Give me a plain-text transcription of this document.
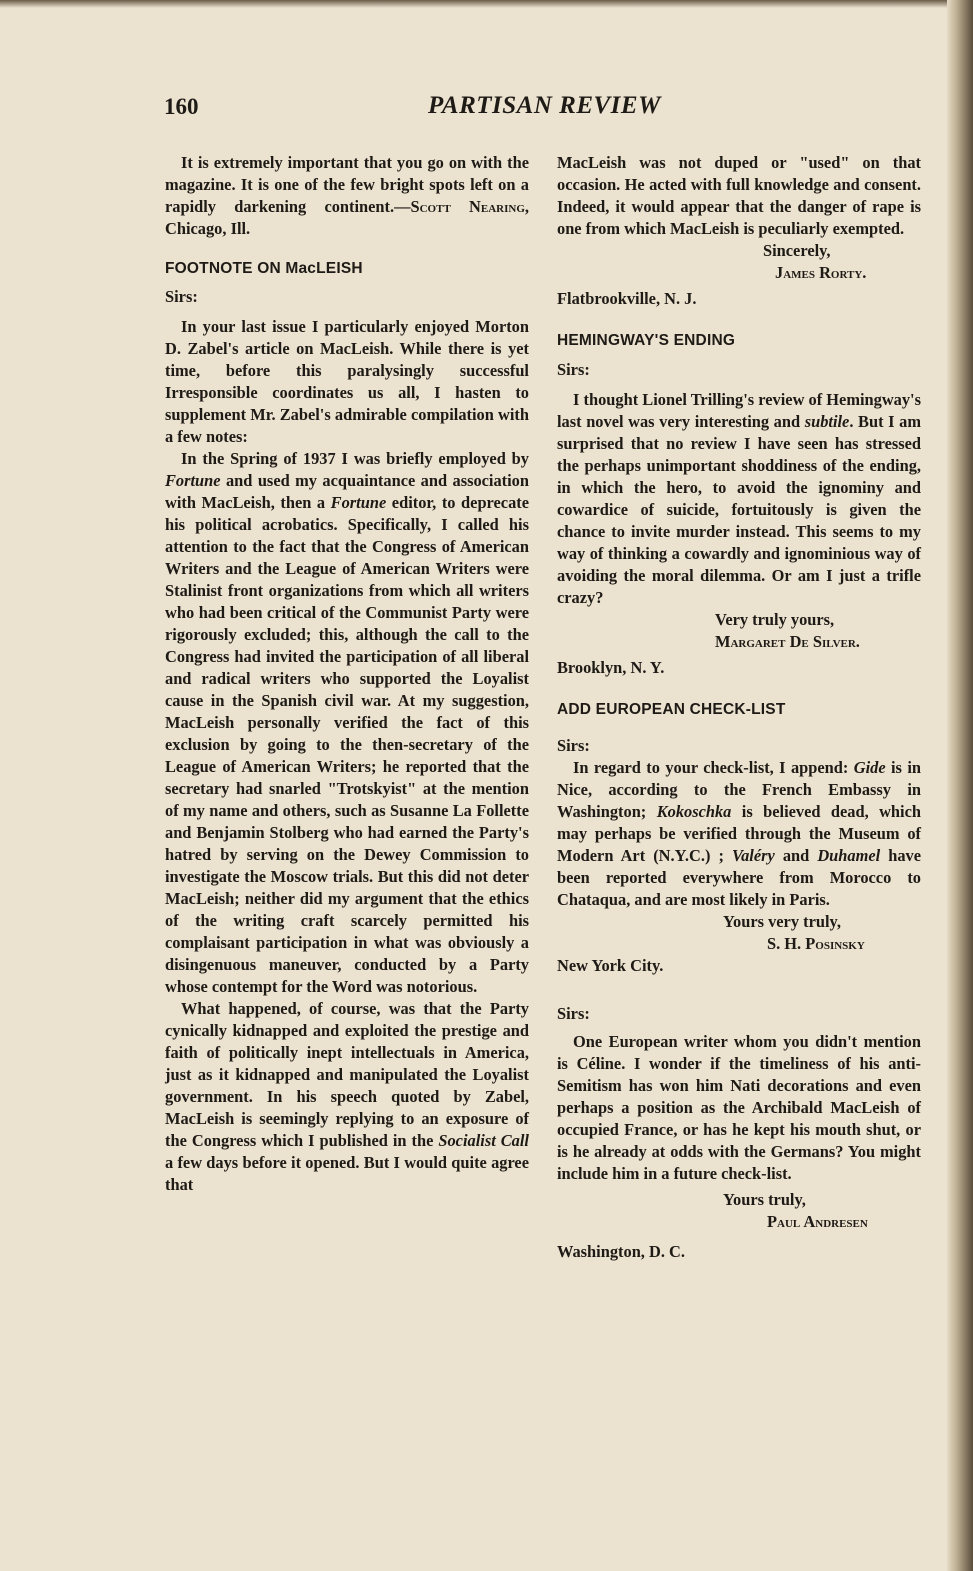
160	PARTISAN REVIEW

It is extremely important that you go on with the magazine. It is one of the few bright spots left on a rapidly darkening continent.—Scott Nearing, Chicago, Ill.

FOOTNOTE ON MacLEISH
Sirs:

In your last issue I particularly enjoyed Morton D. Zabel's article on MacLeish. While there is yet time, before this paralysingly successful Irresponsible coordinates us all, I hasten to supplement Mr. Zabel's admirable compilation with a few notes:

In the Spring of 1937 I was briefly employed by Fortune and used my acquaintance and association with MacLeish, then a Fortune editor, to deprecate his political acrobatics. Specifically, I called his attention to the fact that the Congress of American Writers and the League of American Writers were Stalinist front organizations from which all writers who had been critical of the Communist Party were rigorously excluded; this, although the call to the Congress had invited the participation of all liberal and radical writers who supported the Loyalist cause in the Spanish civil war. At my suggestion, MacLeish personally verified the fact of this exclusion by going to the then-secretary of the League of American Writers; he reported that the secretary had snarled "Trotskyist" at the mention of my name and others, such as Susanne La Follette and Benjamin Stolberg who had earned the Party's hatred by serving on the Dewey Commission to investigate the Moscow trials. But this did not deter MacLeish; neither did my argument that the ethics of the writing craft scarcely permitted his complaisant participation in what was obviously a disingenuous maneuver, conducted by a Party whose contempt for the Word was notorious.

What happened, of course, was that the Party cynically kidnapped and exploited the prestige and faith of politically inept intellectuals in America, just as it kidnapped and manipulated the Loyalist government. In his speech quoted by Zabel, MacLeish is seemingly replying to an exposure of the Congress which I published in the Socialist Call a few days before it opened. But I would quite agree that

MacLeish was not duped or "used" on that occasion. He acted with full knowledge and consent. Indeed, it would appear that the danger of rape is one from which MacLeish is peculiarly exempted.

Sincerely,
James Rorty.
Flatbrookville, N. J.
HEMINGWAY'S ENDING
Sirs:

I thought Lionel Trilling's review of Hemingway's last novel was very interesting and subtile. But I am surprised that no review I have seen has stressed the perhaps unimportant shoddiness of the ending, in which the hero, to avoid the ignominy and cowardice of suicide, fortuitously is given the chance to invite murder instead. This seems to my way of thinking a cowardly and ignominious way of avoiding the moral dilemma. Or am I just a trifle crazy?

Very truly yours,
Margaret De Silver.
Brooklyn, N. Y.
ADD EUROPEAN CHECK-LIST
Sirs:

In regard to your check-list, I append: Gide is in Nice, according to the French Embassy in Washington; Kokoschka is believed dead, which may perhaps be verified through the Museum of Modern Art (N.Y.C.) ; Valéry and Duhamel have been reported everywhere from Morocco to Chataqua, and are most likely in Paris.

Yours very truly,
S. H. Posinsky
New York City.
Sirs:

One European writer whom you didn't mention is Céline. I wonder if the timeliness of his anti-Semitism has won him Nati decorations and even perhaps a position as the Archibald MacLeish of occupied France, or has he kept his mouth shut, or is he already at odds with the Germans? You might include him in a future check-list.

Yours truly,
Paul Andresen
Washington, D. C.
